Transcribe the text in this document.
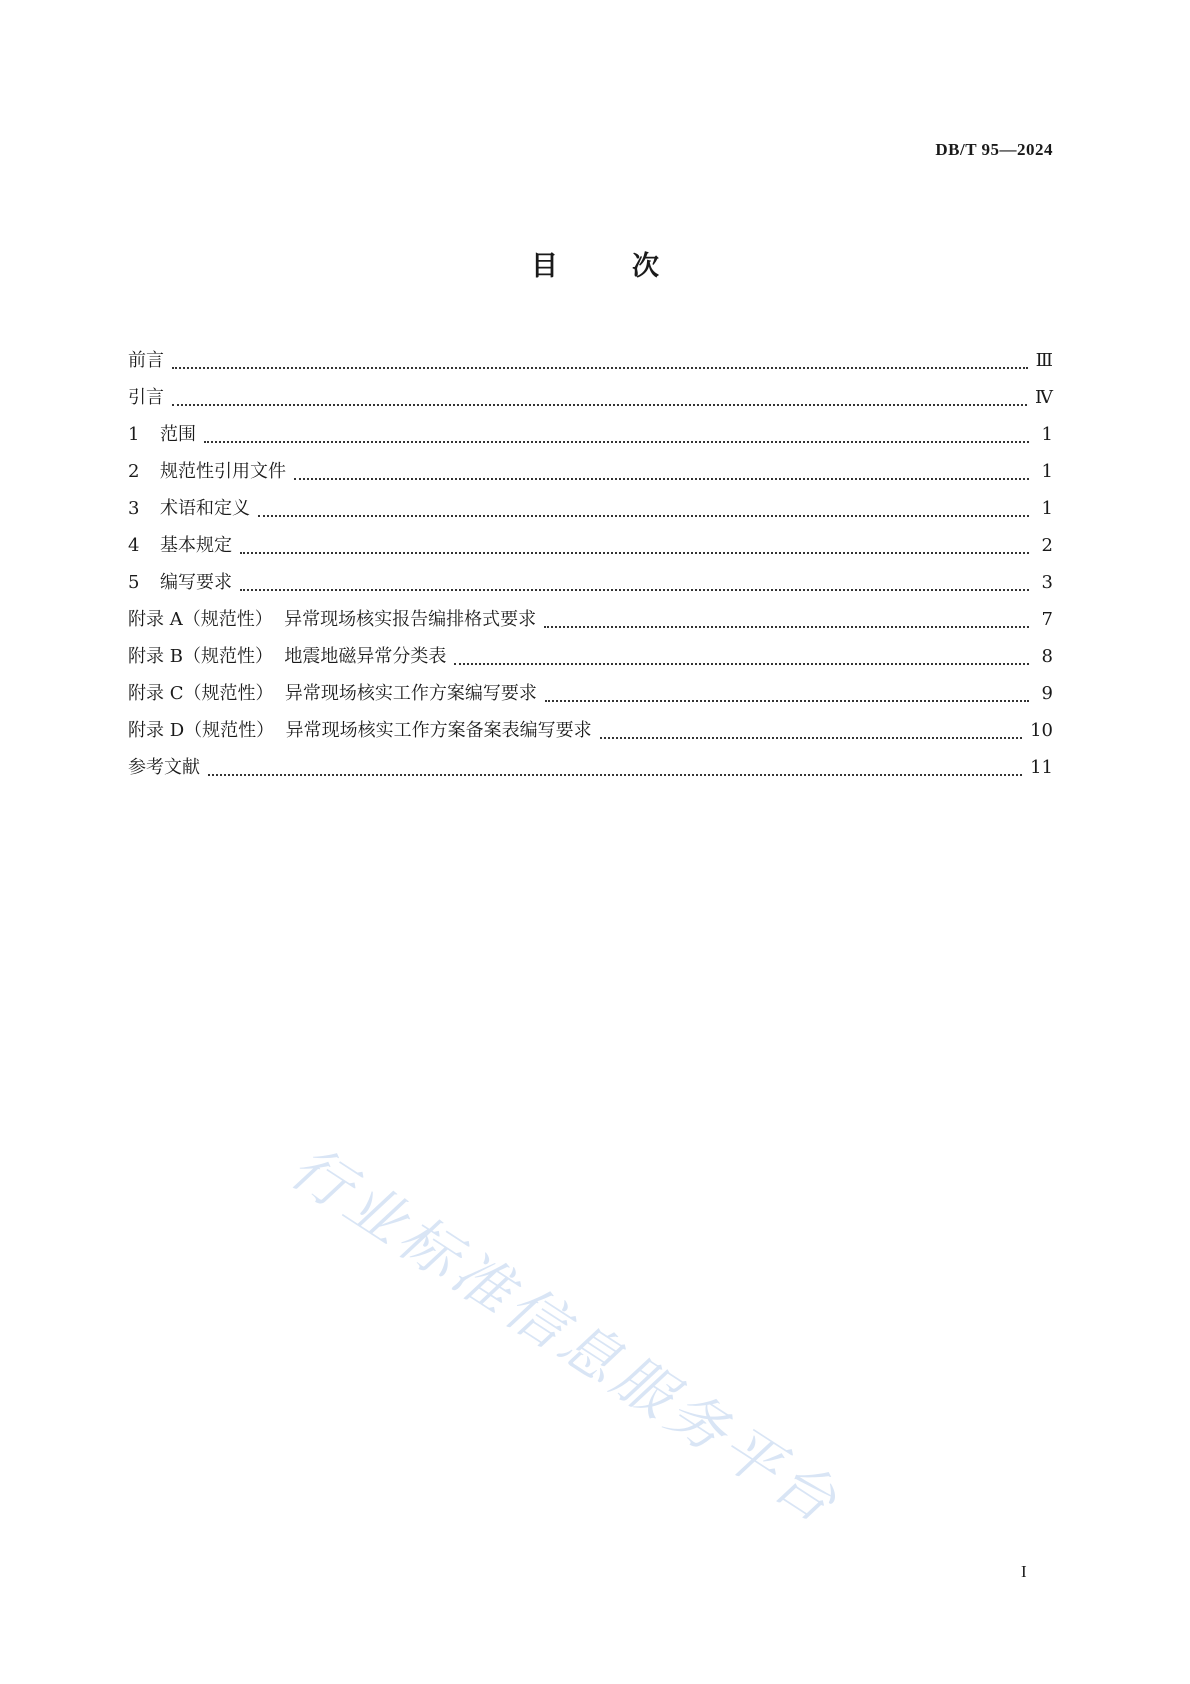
DB/T 95—2024
目	次
前言	Ⅲ
引言	Ⅳ
1	范围	1
2	规范性引用文件	1
3	术语和定义	1
4	基本规定	2
5	编写要求	3
附录 A（规范性）  异常现场核实报告编排格式要求	7
附录 B（规范性）  地震地磁异常分类表	8
附录 C（规范性）  异常现场核实工作方案编写要求	9
附录 D（规范性）  异常现场核实工作方案备案表编写要求	10
参考文献	11
行业标准信息服务平台
I
